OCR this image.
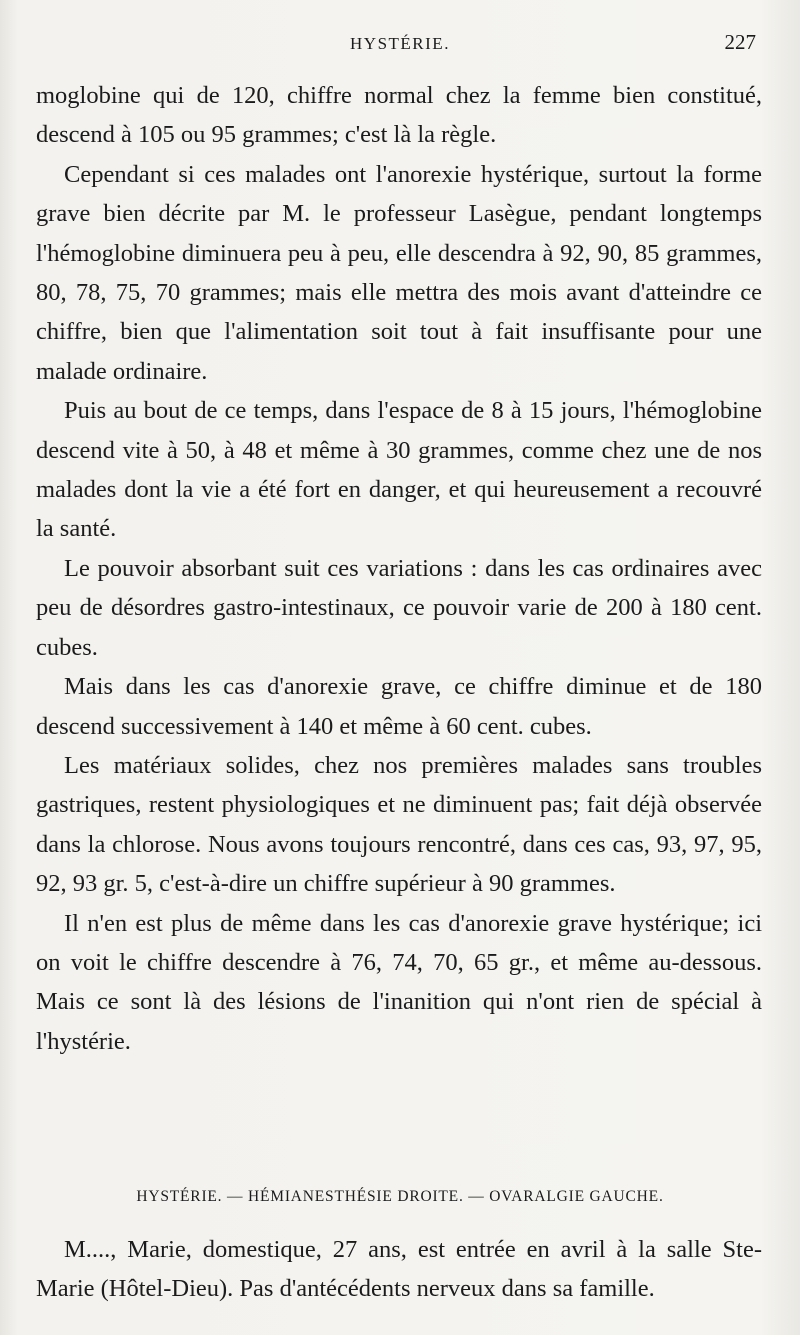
HYSTÉRIE.	227

moglobine qui de 120, chiffre normal chez la femme bien constitué, descend à 105 ou 95 grammes; c'est là la règle.

Cependant si ces malades ont l'anorexie hystérique, surtout la forme grave bien décrite par M. le professeur Lasègue, pendant longtemps l'hémoglobine diminuera peu à peu, elle descendra à 92, 90, 85 grammes, 80, 78, 75, 70 grammes; mais elle mettra des mois avant d'atteindre ce chiffre, bien que l'alimentation soit tout à fait insuffisante pour une malade ordinaire.

Puis au bout de ce temps, dans l'espace de 8 à 15 jours, l'hémoglobine descend vite à 50, à 48 et même à 30 grammes, comme chez une de nos malades dont la vie a été fort en danger, et qui heureusement a recouvré la santé.

Le pouvoir absorbant suit ces variations : dans les cas ordinaires avec peu de désordres gastro-intestinaux, ce pouvoir varie de 200 à 180 cent. cubes.

Mais dans les cas d'anorexie grave, ce chiffre diminue et de 180 descend successivement à 140 et même à 60 cent. cubes.

Les matériaux solides, chez nos premières malades sans troubles gastriques, restent physiologiques et ne diminuent pas; fait déjà observée dans la chlorose. Nous avons toujours rencontré, dans ces cas, 93, 97, 95, 92, 93 gr. 5, c'est-à-dire un chiffre supérieur à 90 grammes.

Il n'en est plus de même dans les cas d'anorexie grave hystérique; ici on voit le chiffre descendre à 76, 74, 70, 65 gr., et même au-dessous. Mais ce sont là des lésions de l'inanition qui n'ont rien de spécial à l'hystérie.

HYSTÉRIE. — HÉMIANESTHÉSIE DROITE. — OVARALGIE GAUCHE.

M...., Marie, domestique, 27 ans, est entrée en avril à la salle Ste-Marie (Hôtel-Dieu). Pas d'antécédents nerveux dans sa famille.
